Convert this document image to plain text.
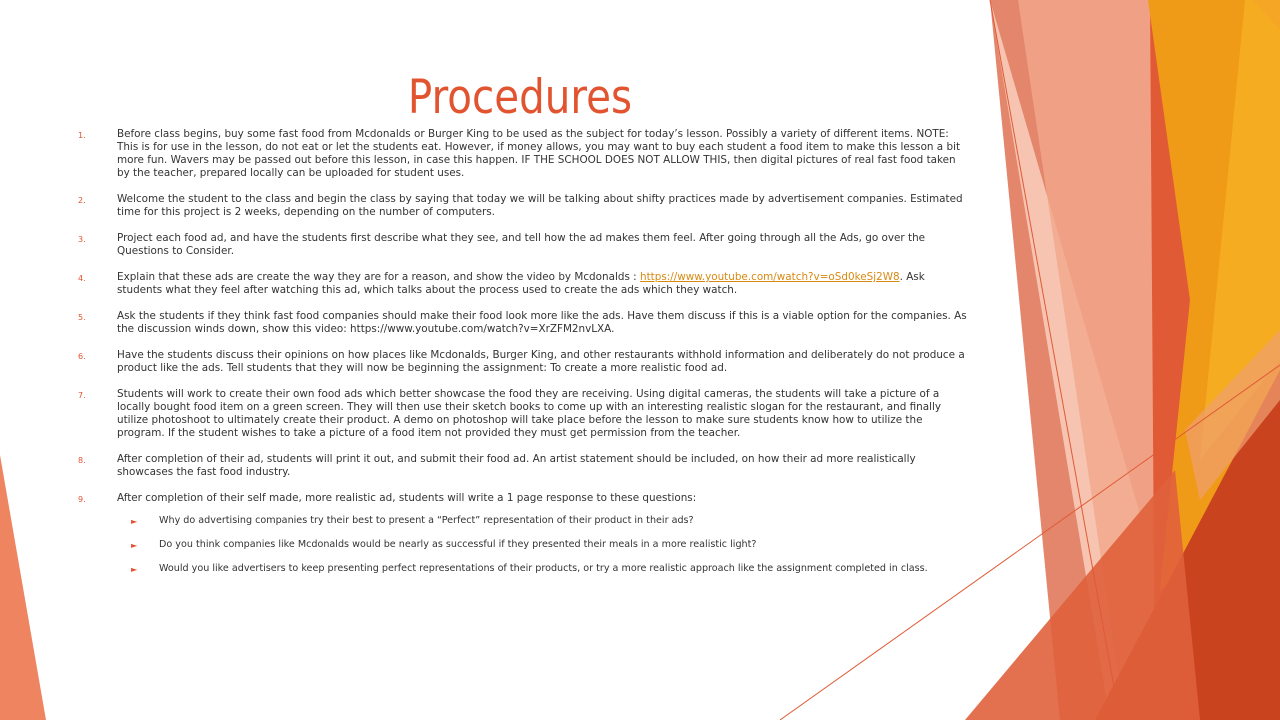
Procedures
1.	Before class begins, buy some fast food from Mcdonalds or Burger King to be used as the subject for today’s lesson. Possibly a variety of different items. NOTE: This is for use in the lesson, do not eat or let the students eat. However, if money allows, you may want to buy each student a food item to make this lesson a bit more fun. Wavers may be passed out before this lesson, in case this happen. IF THE SCHOOL DOES NOT ALLOW THIS, then digital pictures of real fast food taken by the teacher, prepared locally can be uploaded for student uses.

2.	Welcome the student to the class and begin the class by saying that today we will be talking about shifty practices made by advertisement companies. Estimated time for this project is 2 weeks, depending on the number of computers.

3.	Project each food ad, and have the students first describe what they see, and tell how the ad makes them feel. After going through all the Ads, go over the Questions to Consider.

4.	Explain that these ads are create the way they are for a reason, and show the video by Mcdonalds : https://www.youtube.com/watch?v=oSd0keSj2W8. Ask students what they feel after watching this ad, which talks about the process used to create the ads which they watch.

5.	Ask the students if they think fast food companies should make their food look more like the ads. Have them discuss if this is a viable option for the companies. As the discussion winds down, show this video: https://www.youtube.com/watch?v=XrZFM2nvLXA.

6.	Have the students discuss their opinions on how places like Mcdonalds, Burger King, and other restaurants withhold information and deliberately do not produce a product like the ads. Tell students that they will now be beginning the assignment: To create a more realistic food ad.

7.	Students will work to create their own food ads which better showcase the food they are receiving. Using digital cameras, the students will take a picture of a locally bought food item on a green screen. They will then use their sketch books to come up with an interesting realistic slogan for the restaurant, and finally utilize photoshoot to ultimately create their product. A demo on photoshop will take place before the lesson to make sure students know how to utilize the program. If the student wishes to take a picture of a food item not provided they must get permission from the teacher.

8.	After completion of their ad, students will print it out, and submit their food ad. An artist statement should be included, on how their ad more realistically showcases the fast food industry.

9.	After completion of their self made, more realistic ad, students will write a 1 page response to these questions:

►	Why do advertising companies try their best to present a “Perfect” representation of their product in their ads?
►	Do you think companies like Mcdonalds would be nearly as successful if they presented their meals in a more realistic light?
►	Would you like advertisers to keep presenting perfect representations of their products, or try a more realistic approach like the assignment completed in class.
